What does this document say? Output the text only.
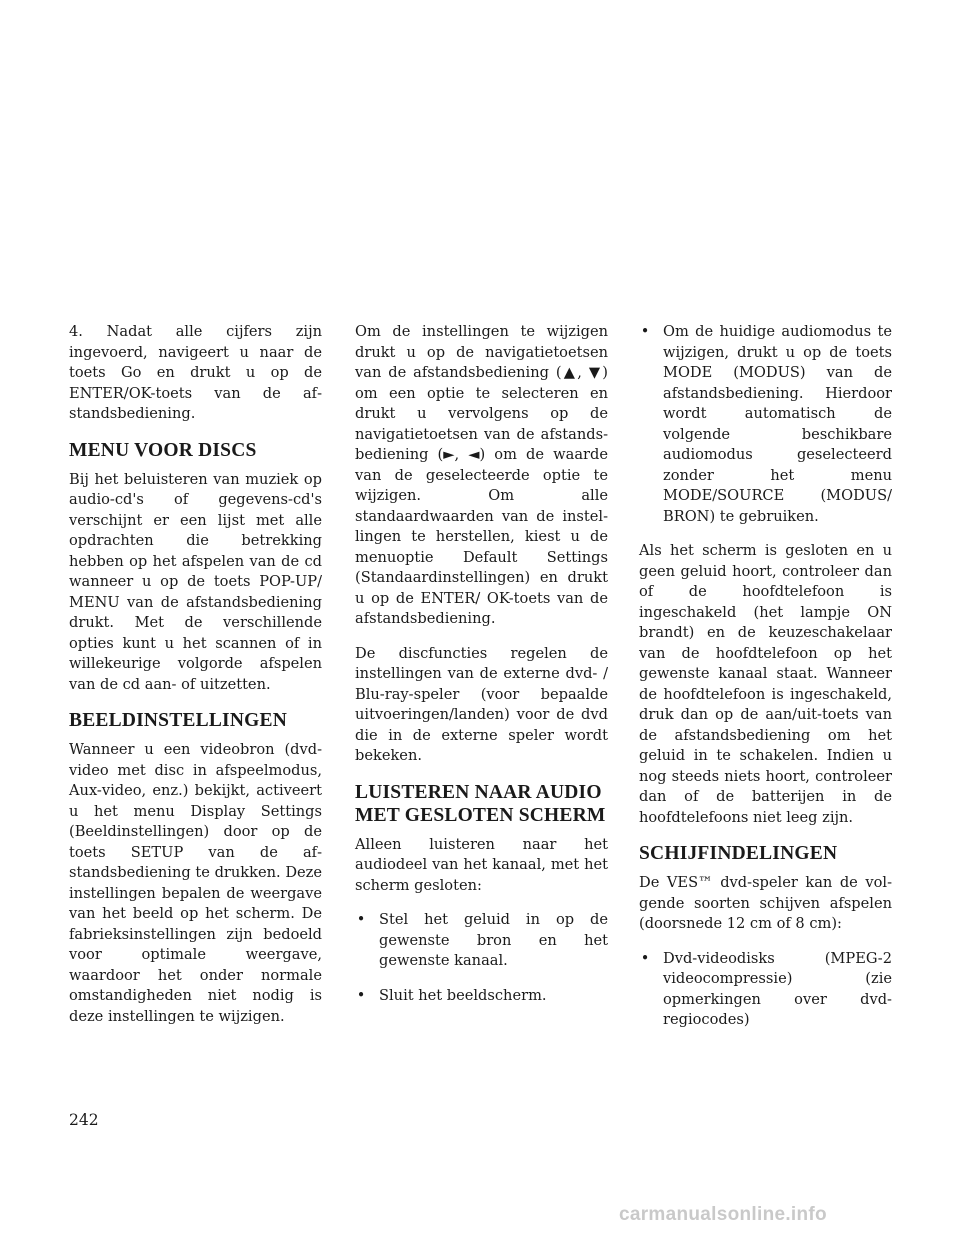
4. Nadat alle cijfers zijn ingevoerd, navigeert u naar de toets Go en drukt u op de ENTER/OK-toets van de afstandsbediening.

MENU VOOR DISCS

Bij het beluisteren van muziek op audio-cd's of gegevens-cd's verschijnt er een lijst met alle opdrachten die betrekking hebben op het afspelen van de cd wanneer u op de toets POP-UP/ MENU van de afstandsbediening drukt. Met de verschillende opties kunt u het scannen of in willekeurige volgorde afspelen van de cd aan- of uitzetten.

BEELDINSTELLINGEN

Wanneer u een videobron (dvd-video met disc in afspeelmodus, Aux-video, enz.) bekijkt, activeert u het menu Display Settings (Beeldinstellingen) door op de toets SETUP van de afstandsbediening te drukken. Deze instellingen bepalen de weergave van het beeld op het scherm. De fabrieksinstellingen zijn bedoeld voor optimale weergave, waardoor het onder normale omstandigheden niet nodig is deze instellingen te wijzigen.

Om de instellingen te wijzigen drukt u op de navigatietoetsen van de afstandsbediening (▲, ▼) om een optie te selecteren en drukt u vervolgens op de navigatietoetsen van de afstandsbediening (►, ◄) om de waarde van de geselecteerde optie te wijzigen. Om alle standaardwaarden van de instellingen te herstellen, kiest u de menuoptie Default Settings (Standaardinstellingen) en drukt u op de ENTER/ OK-toets van de afstandsbediening.

De discfuncties regelen de instellingen van de externe dvd- / Blu-ray-speler (voor bepaalde uitvoeringen/landen) voor de dvd die in de externe speler wordt bekeken.

LUISTEREN NAAR AUDIO MET GESLOTEN SCHERM

Alleen luisteren naar het audiodeel van het kanaal, met het scherm gesloten:

• Stel het geluid in op de gewenste bron en het gewenste kanaal.
• Sluit het beeldscherm.
• Om de huidige audiomodus te wijzigen, drukt u op de toets MODE (MODUS) van de afstandsbediening. Hierdoor wordt automatisch de volgende beschikbare audiomodus geselecteerd zonder het menu MODE/SOURCE (MODUS/ BRON) te gebruiken.

Als het scherm is gesloten en u geen geluid hoort, controleer dan of de hoofdtelefoon is ingeschakeld (het lampje ON brandt) en de keuzeschakelaar van de hoofdtelefoon op het gewenste kanaal staat. Wanneer de hoofdtelefoon is ingeschakeld, druk dan op de aan/uit-toets van de afstandsbediening om het geluid in te schakelen. Indien u nog steeds niets hoort, controleer dan of de batterijen in de hoofdtelefoons niet leeg zijn.

SCHIJFINDELINGEN

De VES™ dvd-speler kan de volgende soorten schijven afspelen (doorsnede 12 cm of 8 cm):

• Dvd-videodisks (MPEG-2 videocompressie) (zie opmerkingen over dvd-regiocodes)

242

carmanualsonline.info
